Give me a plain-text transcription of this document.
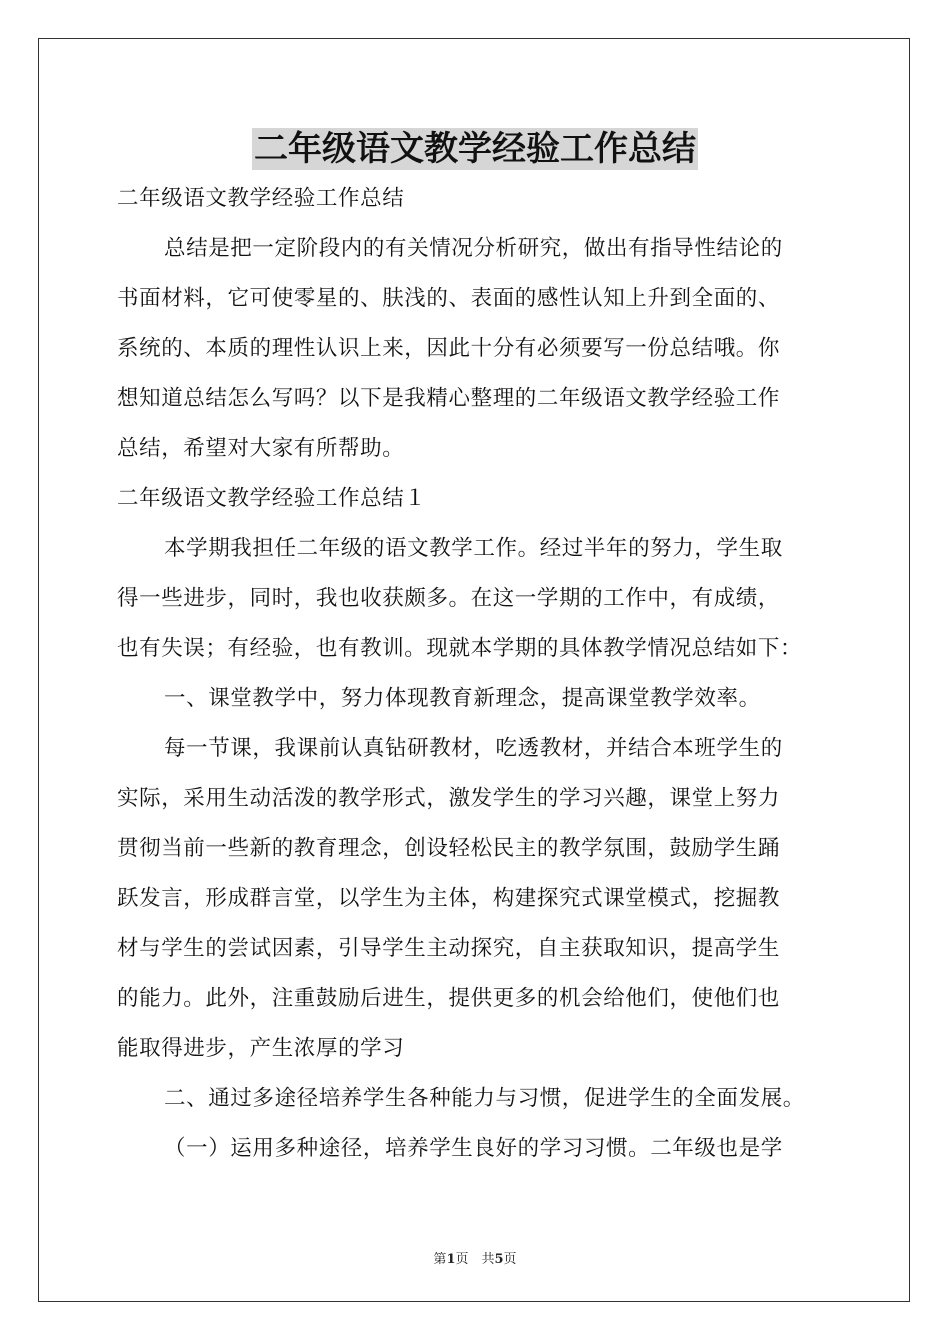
二年级语文教学经验工作总结
二年级语文教学经验工作总结
总结是把一定阶段内的有关情况分析研究，做出有指导性结论的
书面材料，它可使零星的、肤浅的、表面的感性认知上升到全面的、
系统的、本质的理性认识上来，因此十分有必须要写一份总结哦。你
想知道总结怎么写吗？以下是我精心整理的二年级语文教学经验工作
总结，希望对大家有所帮助。
二年级语文教学经验工作总结１
本学期我担任二年级的语文教学工作。经过半年的努力，学生取
得一些进步，同时，我也收获颇多。在这一学期的工作中，有成绩，
也有失误；有经验，也有教训。现就本学期的具体教学情况总结如下：
一、课堂教学中，努力体现教育新理念，提高课堂教学效率。
每一节课，我课前认真钻研教材，吃透教材，并结合本班学生的
实际，采用生动活泼的教学形式，激发学生的学习兴趣，课堂上努力
贯彻当前一些新的教育理念，创设轻松民主的教学氛围，鼓励学生踊
跃发言，形成群言堂，以学生为主体，构建探究式课堂模式，挖掘教
材与学生的尝试因素，引导学生主动探究，自主获取知识，提高学生
的能力。此外，注重鼓励后进生，提供更多的机会给他们，使他们也
能取得进步，产生浓厚的学习
二、通过多途径培养学生各种能力与习惯，促进学生的全面发展。
（一）运用多种途径，培养学生良好的学习习惯。二年级也是学
第1页　共5页
